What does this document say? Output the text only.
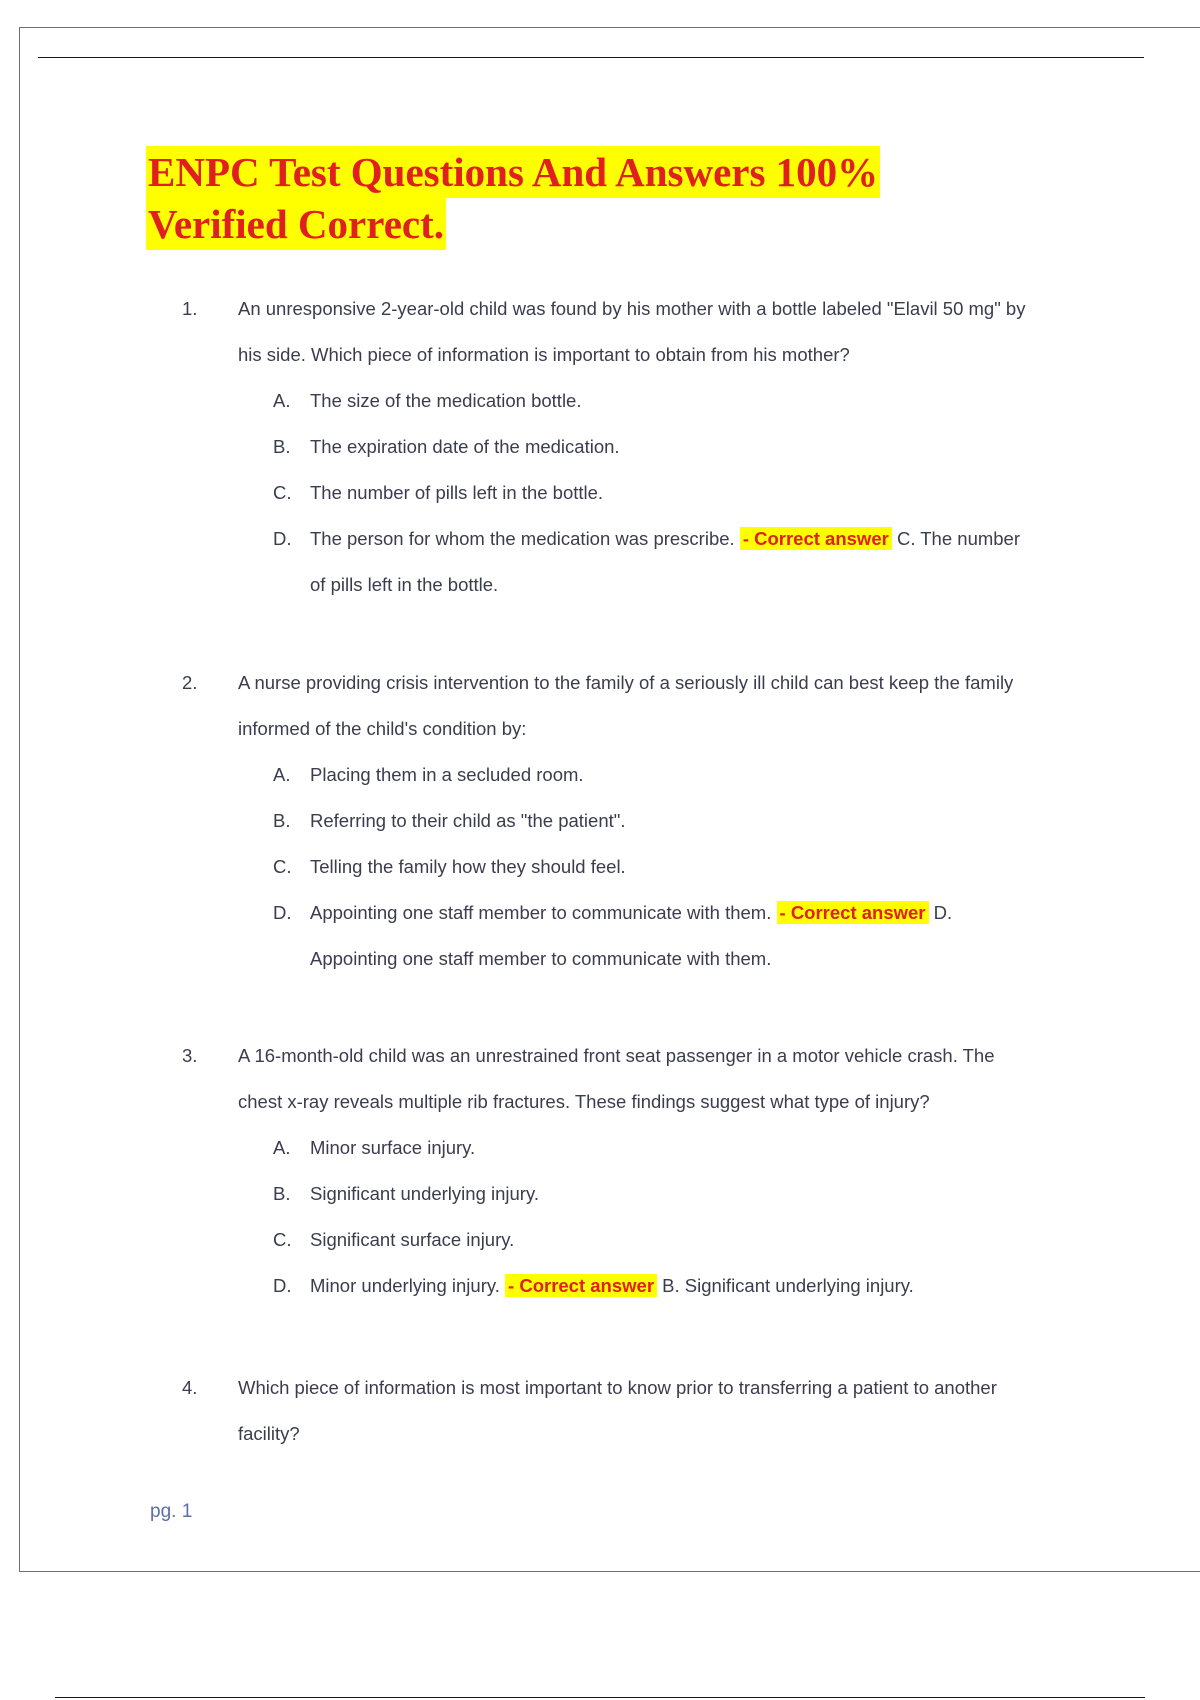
ENPC Test Questions And Answers 100%
Verified Correct.
1. An unresponsive 2-year-old child was found by his mother with a bottle labeled "Elavil 50 mg" by
his side. Which piece of information is important to obtain from his mother?
A. The size of the medication bottle.
B. The expiration date of the medication.
C. The number of pills left in the bottle.
D. The person for whom the medication was prescribe. - Correct answer C. The number
of pills left in the bottle.
2. A nurse providing crisis intervention to the family of a seriously ill child can best keep the family
informed of the child's condition by:
A. Placing them in a secluded room.
B. Referring to their child as "the patient".
C. Telling the family how they should feel.
D. Appointing one staff member to communicate with them. - Correct answer D.
Appointing one staff member to communicate with them.
3. A 16-month-old child was an unrestrained front seat passenger in a motor vehicle crash. The
chest x-ray reveals multiple rib fractures. These findings suggest what type of injury?
A. Minor surface injury.
B. Significant underlying injury.
C. Significant surface injury.
D. Minor underlying injury. - Correct answer B. Significant underlying injury.
4. Which piece of information is most important to know prior to transferring a patient to another
facility?
pg. 1
